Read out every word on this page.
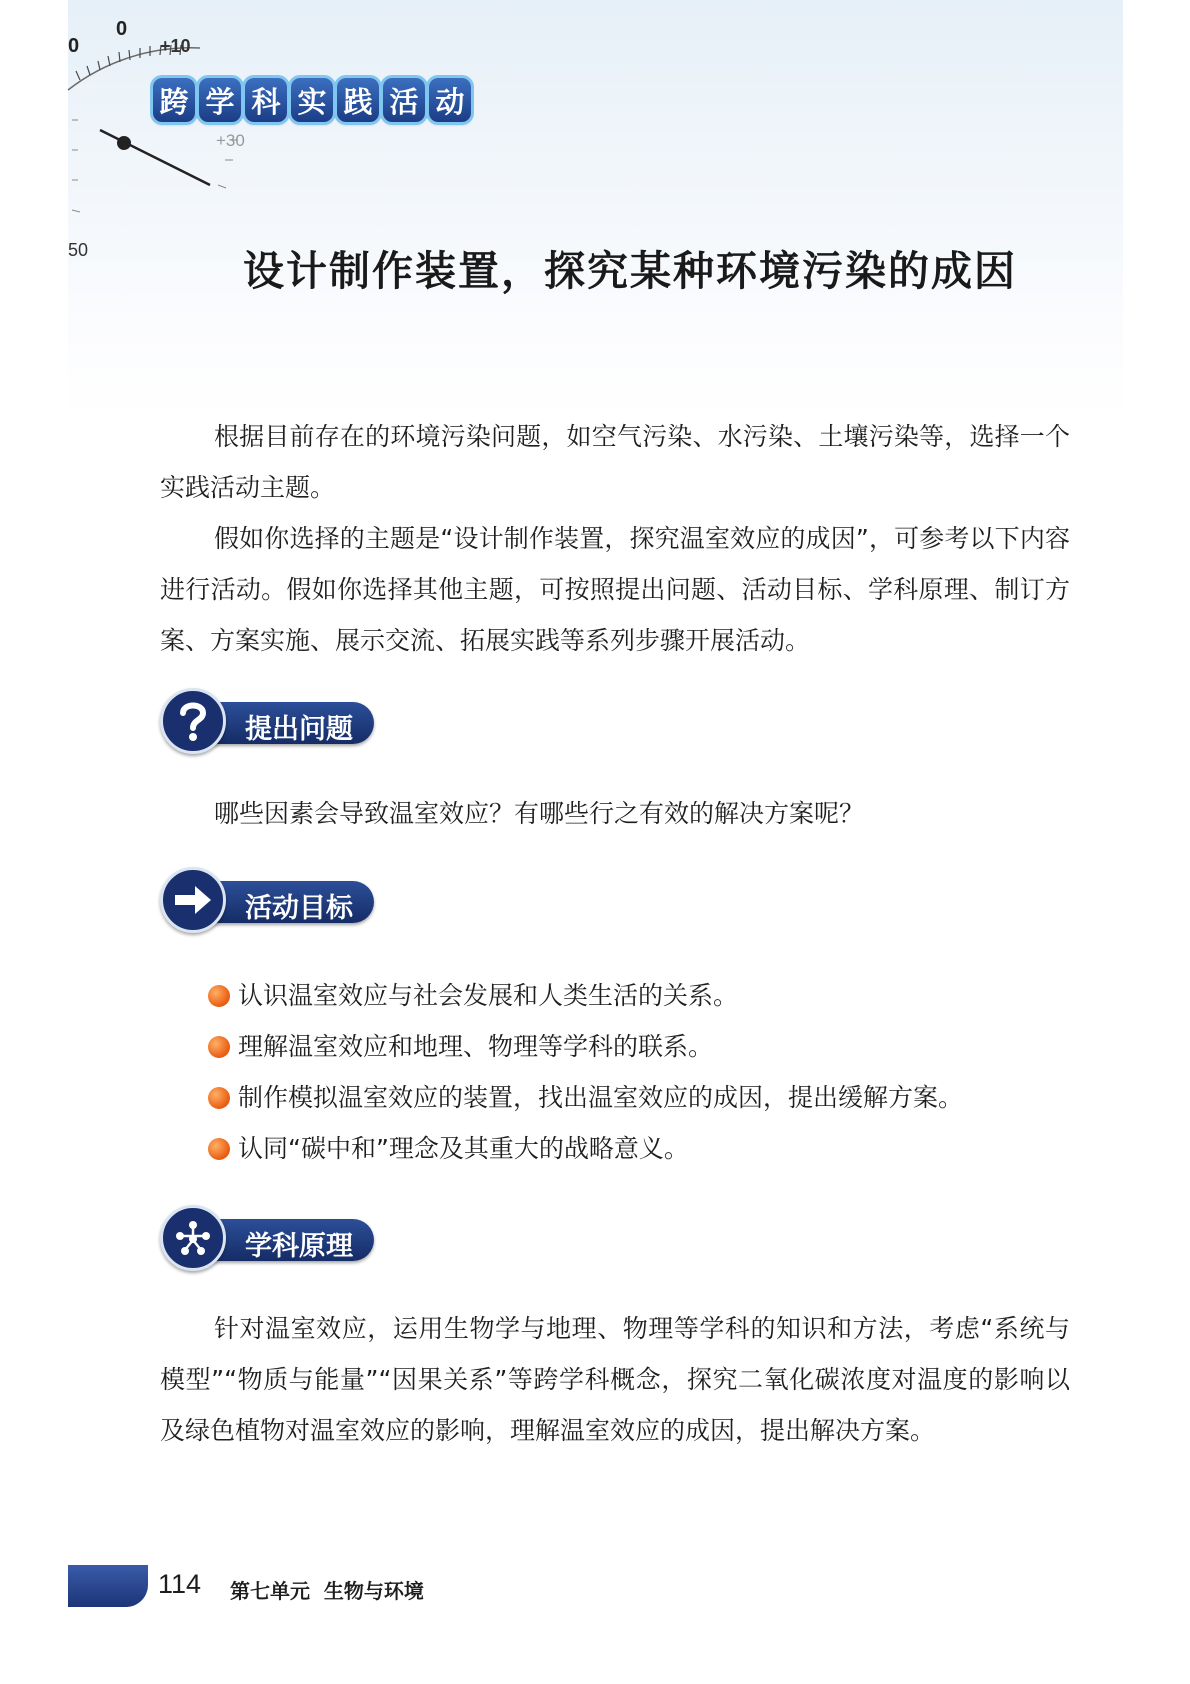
0
0
+10
+30
50
跨 学 科 实 践 活 动
设计制作装置，探究某种环境污染的成因

根据目前存在的环境污染问题，如空气污染、水污染、土壤污染等，选择一个实践活动主题。

假如你选择的主题是“设计制作装置，探究温室效应的成因”，可参考以下内容进行活动。假如你选择其他主题，可按照提出问题、活动目标、学科原理、制订方案、方案实施、展示交流、拓展实践等系列步骤开展活动。

提出问题

哪些因素会导致温室效应？有哪些行之有效的解决方案呢？

活动目标
认识温室效应与社会发展和人类生活的关系。
理解温室效应和地理、物理等学科的联系。
制作模拟温室效应的装置，找出温室效应的成因，提出缓解方案。
认同“碳中和”理念及其重大的战略意义。
学科原理

针对温室效应，运用生物学与地理、物理等学科的知识和方法，考虑“系统与模型”“物质与能量”“因果关系”等跨学科概念，探究二氧化碳浓度对温度的影响以及绿色植物对温室效应的影响，理解温室效应的成因，提出解决方案。

114 第七单元  生物与环境
